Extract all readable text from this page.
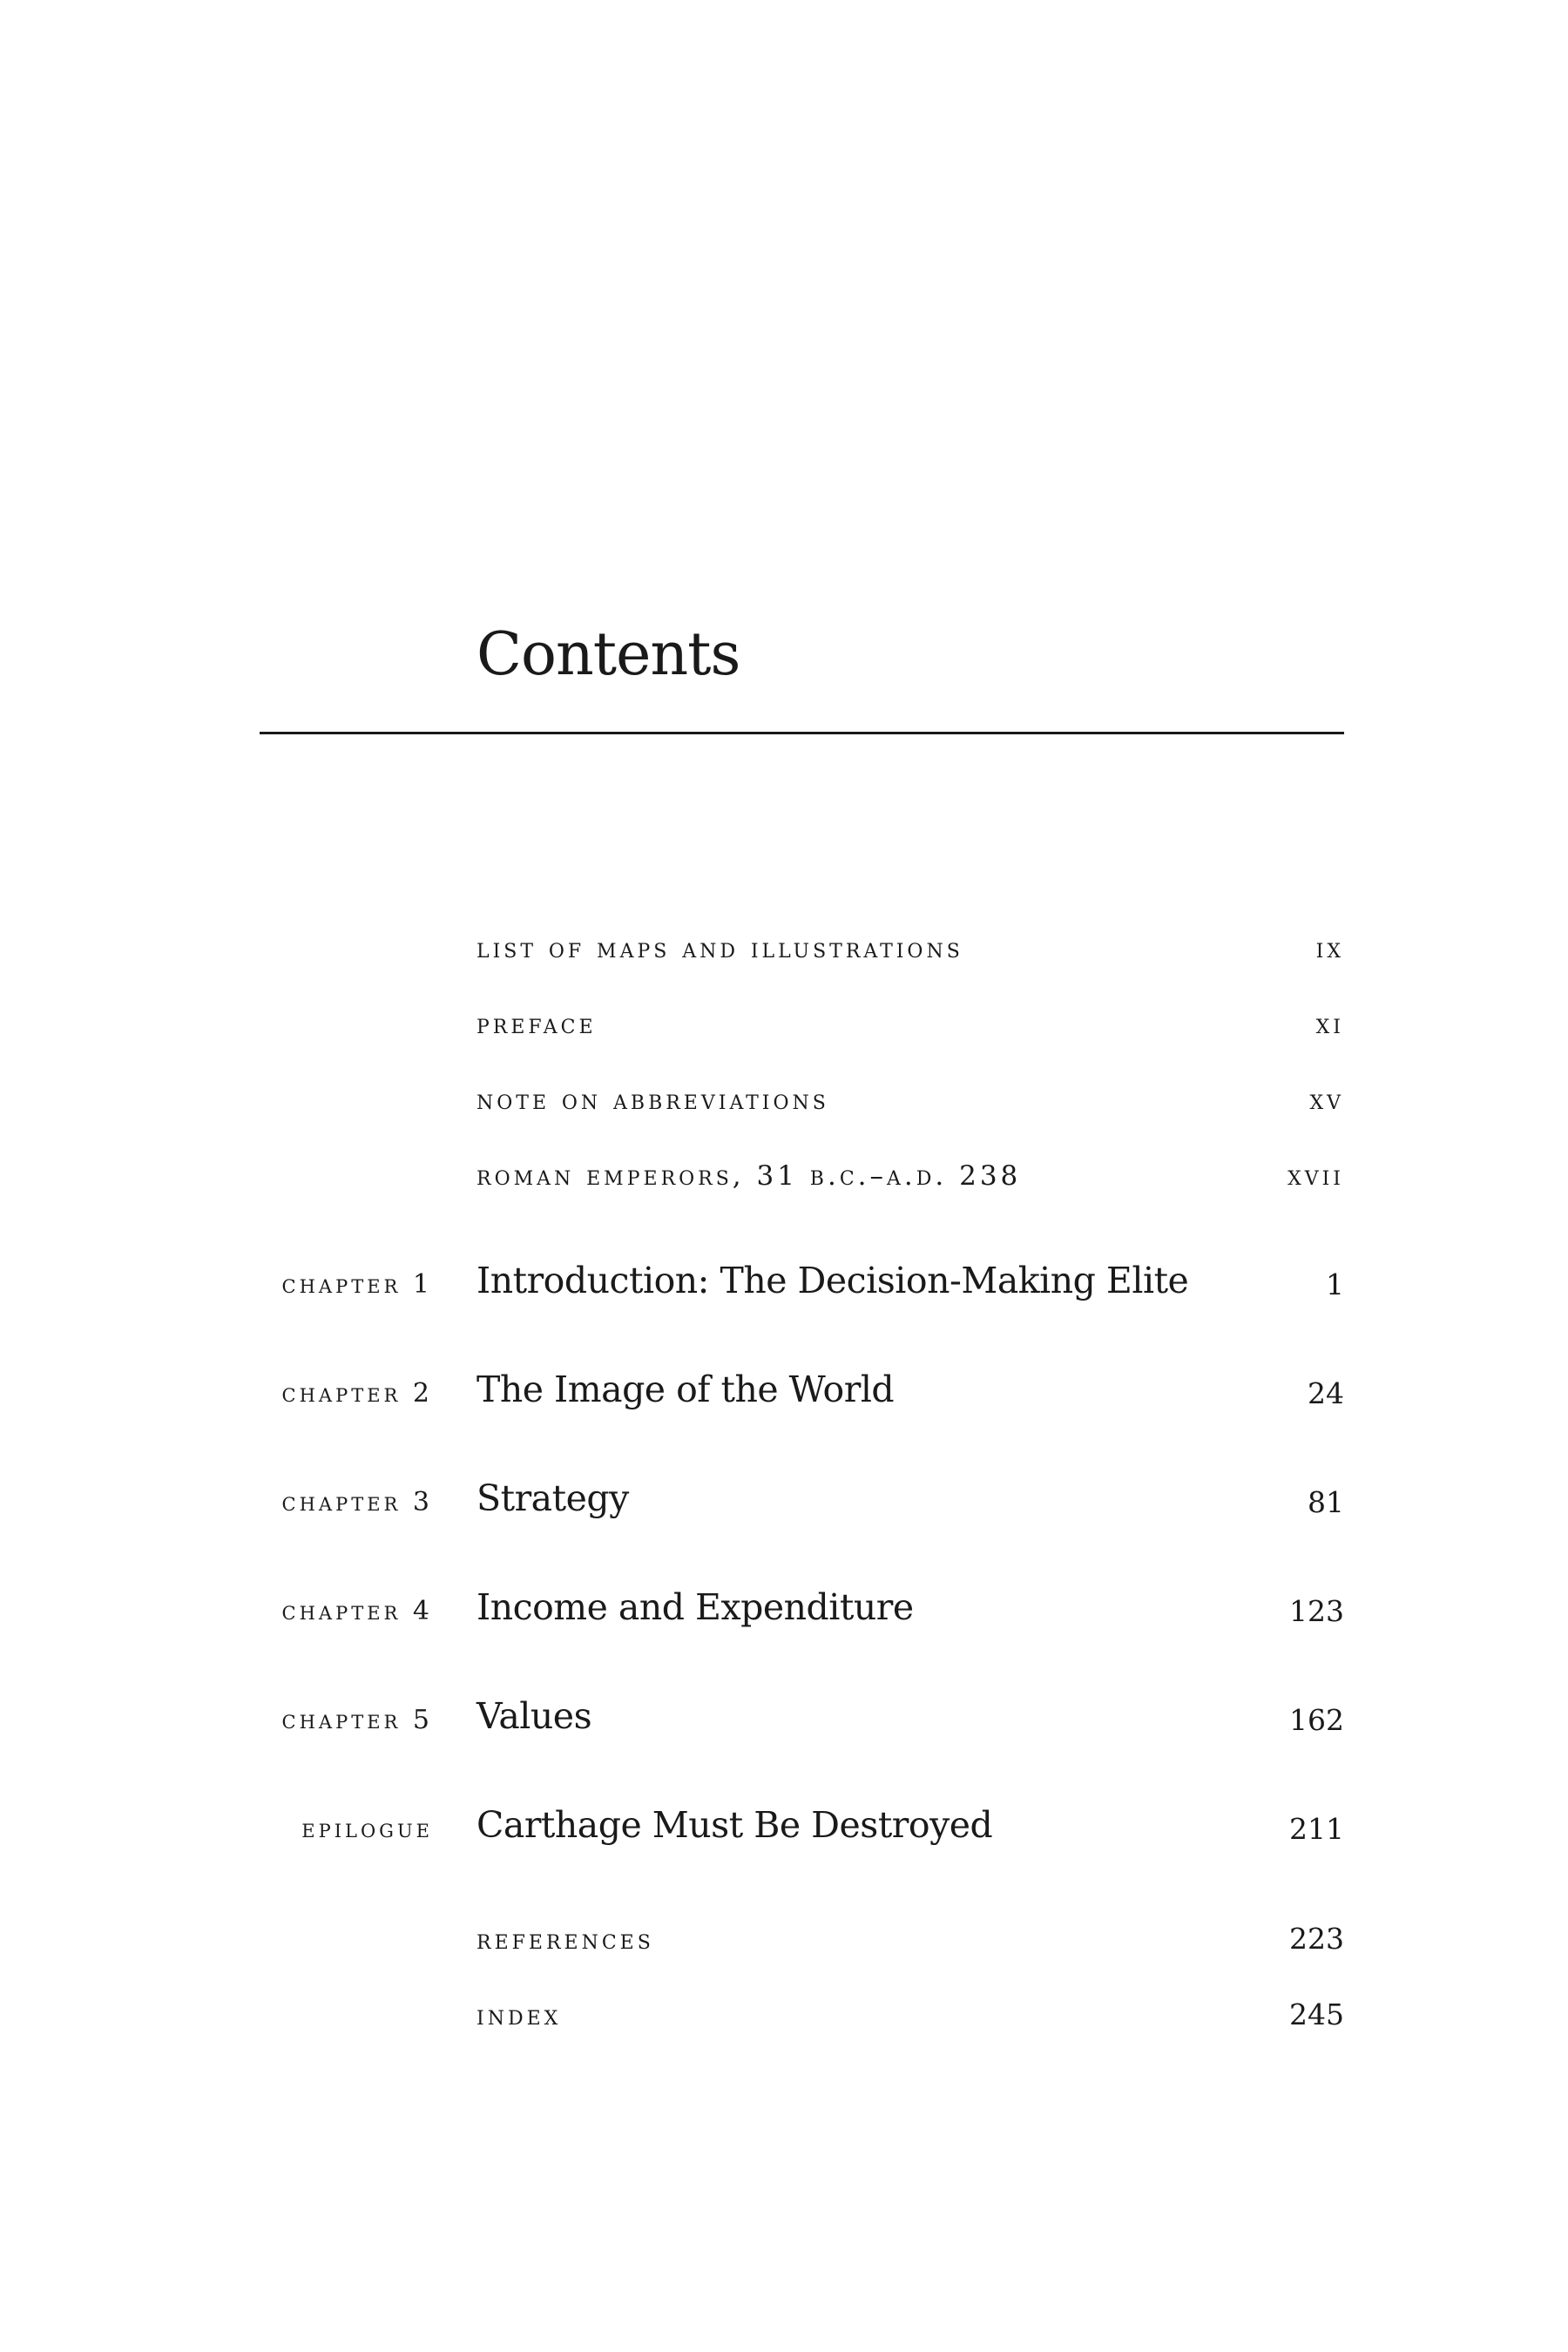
Contents
list of maps and illustrations	ix
preface	xi
note on abbreviations	xv
roman emperors, 31 b.c.–a.d. 238	xvii
chapter 1 Introduction: The Decision-Making Elite	1
chapter 2 The Image of the World	24
chapter 3 Strategy	81
chapter 4 Income and Expenditure	123
chapter 5 Values	162
epilogue Carthage Must Be Destroyed	211
references	223
index	245
